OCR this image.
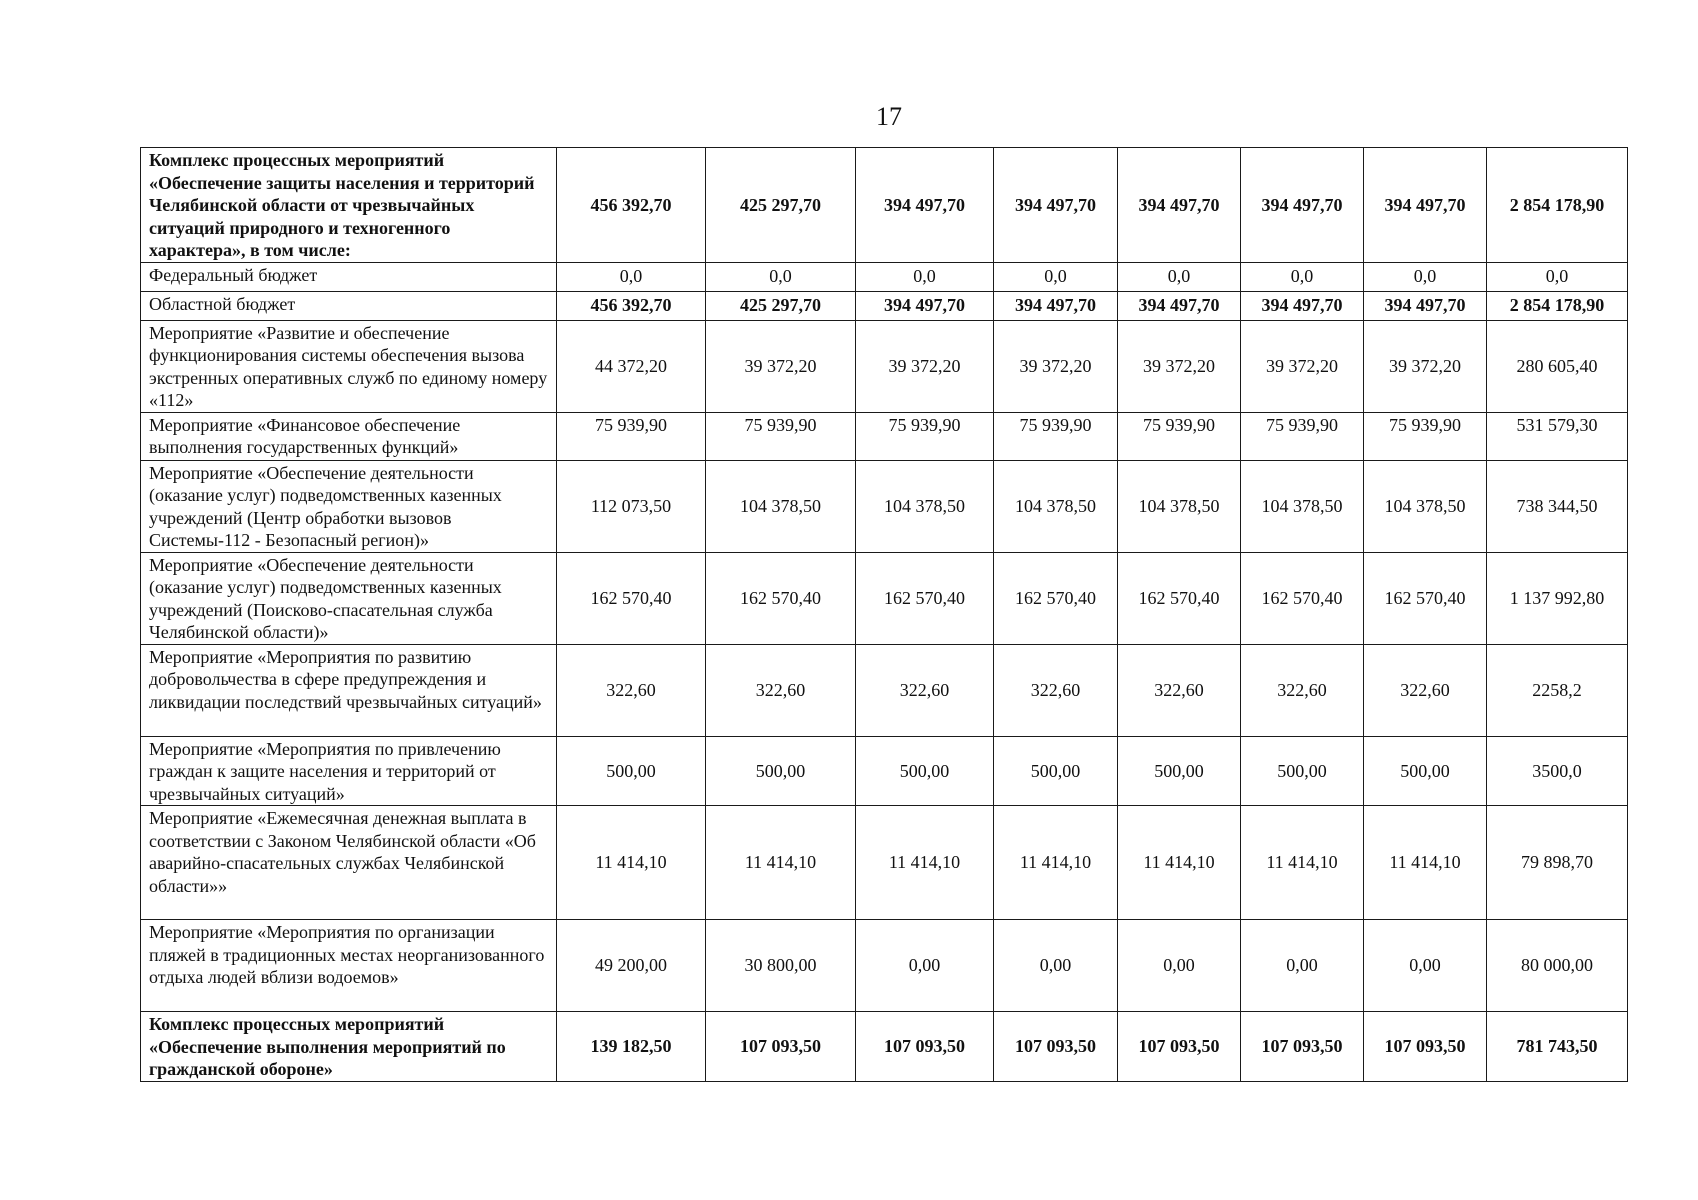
17
Комплекс процессных мероприятий «Обеспечение защиты населения и территорий Челябинской области от чрезвычайных ситуаций природного и техногенного характера», в том числе:	456 392,70	425 297,70	394 497,70	394 497,70	394 497,70	394 497,70	394 497,70	2 854 178,90
Федеральный бюджет	0,0	0,0	0,0	0,0	0,0	0,0	0,0	0,0
Областной бюджет	456 392,70	425 297,70	394 497,70	394 497,70	394 497,70	394 497,70	394 497,70	2 854 178,90
Мероприятие «Развитие и обеспечение функционирования системы обеспечения вызова экстренных оперативных служб по единому номеру «112»	44 372,20	39 372,20	39 372,20	39 372,20	39 372,20	39 372,20	39 372,20	280 605,40
Мероприятие «Финансовое обеспечение выполнения государственных функций»	75 939,90	75 939,90	75 939,90	75 939,90	75 939,90	75 939,90	75 939,90	531 579,30
Мероприятие «Обеспечение деятельности (оказание услуг) подведомственных казенных учреждений (Центр обработки вызовов Системы-112 - Безопасный регион)»	112 073,50	104 378,50	104 378,50	104 378,50	104 378,50	104 378,50	104 378,50	738 344,50
Мероприятие «Обеспечение деятельности (оказание услуг) подведомственных казенных учреждений (Поисково-спасательная служба Челябинской области)»	162 570,40	162 570,40	162 570,40	162 570,40	162 570,40	162 570,40	162 570,40	1 137 992,80
Мероприятие «Мероприятия по развитию добровольчества в сфере предупреждения и ликвидации последствий чрезвычайных ситуаций»	322,60	322,60	322,60	322,60	322,60	322,60	322,60	2258,2
Мероприятие «Мероприятия по привлечению граждан к защите населения и территорий от чрезвычайных ситуаций»	500,00	500,00	500,00	500,00	500,00	500,00	500,00	3500,0
Мероприятие «Ежемесячная денежная выплата в соответствии с Законом Челябинской области «Об аварийно-спасательных службах Челябинской области»»	11 414,10	11 414,10	11 414,10	11 414,10	11 414,10	11 414,10	11 414,10	79 898,70
Мероприятие «Мероприятия по организации пляжей в традиционных местах неорганизованного отдыха людей вблизи водоемов»	49 200,00	30 800,00	0,00	0,00	0,00	0,00	0,00	80 000,00
Комплекс процессных мероприятий «Обеспечение выполнения мероприятий по гражданской обороне»	139 182,50	107 093,50	107 093,50	107 093,50	107 093,50	107 093,50	107 093,50	781 743,50
